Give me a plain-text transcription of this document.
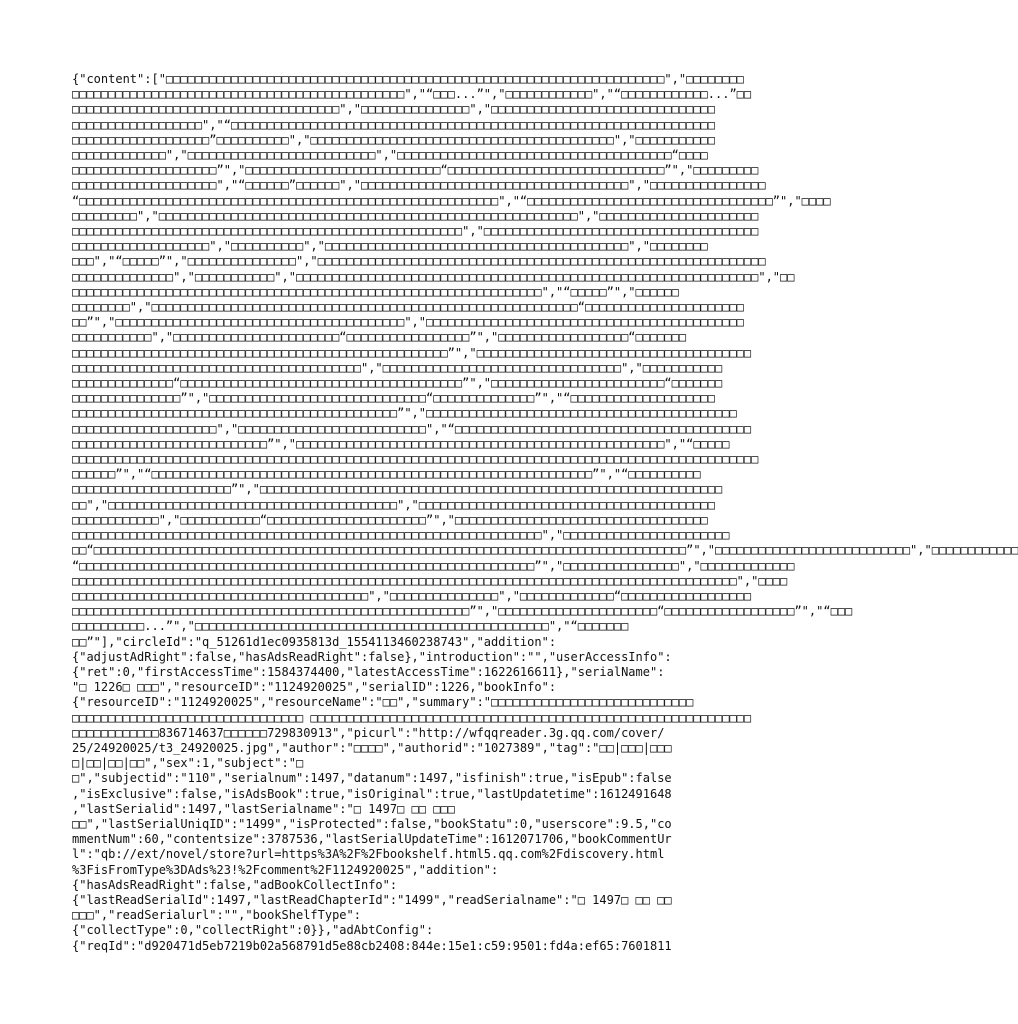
{"content":["□□□□□□□□□□□□□□□□□□□□□□□□□□□□□□□□□□□□□□□□□□□□□□□□□□□□□□□□□□□□□□□□□□□□□","□□□□□□□□
□□□□□□□□□□□□□□□□□□□□□□□□□□□□□□□□□□□□□□□□□□□□□□","“□□□...”","□□□□□□□□□□□□","“□□□□□□□□□□□□...”□□
□□□□□□□□□□□□□□□□□□□□□□□□□□□□□□□□□□□□□","□□□□□□□□□□□□□□□","□□□□□□□□□□□□□□□□□□□□□□□□□□□□□□□
□□□□□□□□□□□□□□□□□□","“□□□□□□□□□□□□□□□□□□□□□□□□□□□□□□□□□□□□□□□□□□□□□□□□□□□□□□□□□□□□□□□□□□□
□□□□□□□□□□□□□□□□□□□”□□□□□□□□□□","□□□□□□□□□□□□□□□□□□□□□□□□□□□□□□□□□□□□□□□□□□","□□□□□□□□□□□
□□□□□□□□□□□□□","□□□□□□□□□□□□□□□□□□□□□□□□□□","□□□□□□□□□□□□□□□□□□□□□□□□□□□□□□□□□□□□□□“□□□□
□□□□□□□□□□□□□□□□□□□□”","□□□□□□□□□□□□□□□□□□□□□□□□□□□“□□□□□□□□□□□□□□□□□□□□□□□□□□□□□□”","□□□□□□□□□
□□□□□□□□□□□□□□□□□□□□","“□□□□□□”□□□□□□","□□□□□□□□□□□□□□□□□□□□□□□□□□□□□□□□□□□□□","□□□□□□□□□□□□□□□□
“□□□□□□□□□□□□□□□□□□□□□□□□□□□□□□□□□□□□□□□□□□□□□□□□□□□□□□□□□□","“□□□□□□□□□□□□□□□□□□□□□□□□□□□□□□□□□□”","□□□□
□□□□□□□□□","□□□□□□□□□□□□□□□□□□□□□□□□□□□□□□□□□□□□□□□□□□□□□□□□□□□□□□□□□□","□□□□□□□□□□□□□□□□□□□□□□
□□□□□□□□□□□□□□□□□□□□□□□□□□□□□□□□□□□□□□□□□□□□□□□□□□□□□□","□□□□□□□□□□□□□□□□□□□□□□□□□□□□□□□□□□□□□□
□□□□□□□□□□□□□□□□□□□","□□□□□□□□□□","□□□□□□□□□□□□□□□□□□□□□□□□□□□□□□□□□□□□□□□□□□","□□□□□□□□
□□□","“□□□□□”","□□□□□□□□□□□□□□□","□□□□□□□□□□□□□□□□□□□□□□□□□□□□□□□□□□□□□□□□□□□□□□□□□□□□□□□□□□□□□□
□□□□□□□□□□□□□□","□□□□□□□□□□□","□□□□□□□□□□□□□□□□□□□□□□□□□□□□□□□□□□□□□□□□□□□□□□□□□□□□□□□□□□□□□□□□","□□
□□□□□□□□□□□□□□□□□□□□□□□□□□□□□□□□□□□□□□□□□□□□□□□□□□□□□□□□□□□□□□□□□","“□□□□□”","□□□□□□
□□□□□□□□","□□□□□□□□□□□□□□□□□□□□□□□□□□□□□□□□□□□□□□□□□□□□□□□□□□□□□□□□□□□“□□□□□□□□□□□□□□□□□□□□□□
□□”","□□□□□□□□□□□□□□□□□□□□□□□□□□□□□□□□□□□□□□□□","□□□□□□□□□□□□□□□□□□□□□□□□□□□□□□□□□□□□□□□□□□□□
□□□□□□□□□□□","□□□□□□□□□□□□□□□□□□□□□□□“□□□□□□□□□□□□□□□□□”","□□□□□□□□□□□□□□□□□□“□□□□□□□
□□□□□□□□□□□□□□□□□□□□□□□□□□□□□□□□□□□□□□□□□□□□□□□□□□□□”","□□□□□□□□□□□□□□□□□□□□□□□□□□□□□□□□□□□□□□
□□□□□□□□□□□□□□□□□□□□□□□□□□□□□□□□□□□□□□□□","□□□□□□□□□□□□□□□□□□□□□□□□□□□□□□□□□","□□□□□□□□□□□
□□□□□□□□□□□□□□“□□□□□□□□□□□□□□□□□□□□□□□□□□□□□□□□□□□□□□□”","□□□□□□□□□□□□□□□□□□□□□□□□“□□□□□□□
□□□□□□□□□□□□□□□”","□□□□□□□□□□□□□□□□□□□□□□□□□□□□□□“□□□□□□□□□□□□□□”","“□□□□□□□□□□□□□□□□□□□□
□□□□□□□□□□□□□□□□□□□□□□□□□□□□□□□□□□□□□□□□□□□□□”","□□□□□□□□□□□□□□□□□□□□□□□□□□□□□□□□□□□□□□□□□□□
□□□□□□□□□□□□□□□□□□□□","□□□□□□□□□□□□□□□□□□□□□□□□□□","“□□□□□□□□□□□□□□□□□□□□□□□□□□□□□□□□□□□□□□□□□
□□□□□□□□□□□□□□□□□□□□□□□□□□□”","□□□□□□□□□□□□□□□□□□□□□□□□□□□□□□□□□□□□□□□□□□□□□□□□□□□","“□□□□□
□□□□□□□□□□□□□□□□□□□□□□□□□□□□□□□□□□□□□□□□□□□□□□□□□□□□□□□□□□□□□□□□□□□□□□□□□□□□□□□□□□□□□□□□□□□□□□□
□□□□□□”","“□□□□□□□□□□□□□□□□□□□□□□□□□□□□□□□□□□□□□□□□□□□□□□□□□□□□□□□□□□□□□”","“□□□□□□□□□□
□□□□□□□□□□□□□□□□□□□□□□”","□□□□□□□□□□□□□□□□□□□□□□□□□□□□□□□□□□□□□□□□□□□□□□□□□□□□□□□□□□□□□□□□
□□","□□□□□□□□□□□□□□□□□□□□□□□□□□□□□□□□□□□□□□□□","□□□□□□□□□□□□□□□□□□□□□□□□□□□□□□□□□□□□□□□□□
□□□□□□□□□□□□","□□□□□□□□□□□“□□□□□□□□□□□□□□□□□□□□□□”","□□□□□□□□□□□□□□□□□□□□□□□□□□□□□□□□□□□
□□□□□□□□□□□□□□□□□□□□□□□□□□□□□□□□□□□□□□□□□□□□□□□□□□□□□□□□□□□□□□□□□","□□□□□□□□□□□□□□□□□□□□□□□
□□“□□□□□□□□□□□□□□□□□□□□□□□□□□□□□□□□□□□□□□□□□□□□□□□□□□□□□□□□□□□□□□□□□□□□□□□□□□□□□□□□□□”","□□□□□□□□□□□□□□□□□□□□□□□□□□□","□□□□□□□□□□□□
“□□□□□□□□□□□□□□□□□□□□□□□□□□□□□□□□□□□□□□□□□□□□□□□□□□□□□□□□□□□□□□□”","□□□□□□□□□□□□□□□□","□□□□□□□□□□□□□
□□□□□□□□□□□□□□□□□□□□□□□□□□□□□□□□□□□□□□□□□□□□□□□□□□□□□□□□□□□□□□□□□□□□□□□□□□□□□□□□□□□□□□□□□□□□","□□□□
□□□□□□□□□□□□□□□□□□□□□□□□□□□□□□□□□□□□□□□□□","□□□□□□□□□□□□□□□","□□□□□□□□□□□□□“□□□□□□□□□□□□□□□□□□
□□□□□□□□□□□□□□□□□□□□□□□□□□□□□□□□□□□□□□□□□□□□□□□□□□□□□□□”","□□□□□□□□□□□□□□□□□□□□□□“□□□□□□□□□□□□□□□□□□”","“□□□
□□□□□□□□□□...”","□□□□□□□□□□□□□□□□□□□□□□□□□□□□□□□□□□□□□□□□□□□□□□□□□","“□□□□□□□
□□”"],"circleId":"q_51261d1ec0935813d_1554113460238743","addition":
{"adjustAdRight":false,"hasAdsReadRight":false},"introduction":"","userAccessInfo":
{"ret":0,"firstAccessTime":1584374400,"latestAccessTime":1622616611},"serialName":
"□ 1226□ □□□","resourceID":"1124920025","serialID":1226,"bookInfo":
{"resourceID":"1124920025","resourceName":"□□","summary":"□□□□□□□□□□□□□□□□□□□□□□□□□□□□
□□□□□□□□□□□□□□□□□□□□□□□□□□□□□□□□ □□□□□□□□□□□□□□□□□□□□□□□□□□□□□□□□□□□□□□□□□□□□□□□□□□□□□□□□□□□□□
□□□□□□□□□□□□836714637□□□□□□729830913","picurl":"http://wfqqreader.3g.qq.com/cover/
25/24920025/t3_24920025.jpg","author":"□□□□","authorid":"1027389","tag":"□□|□□□|□□□
□|□□|□□|□□","sex":1,"subject":"□
□","subjectid":"110","serialnum":1497,"datanum":1497,"isfinish":true,"isEpub":false
,"isExclusive":false,"isAdsBook":true,"isOriginal":true,"lastUpdatetime":1612491648
,"lastSerialid":1497,"lastSerialname":"□ 1497□ □□ □□□
□□","lastSerialUniqID":"1499","isProtected":false,"bookStatu":0,"userscore":9.5,"co
mmentNum":60,"contentsize":3787536,"lastSerialUpdateTime":1612071706,"bookCommentUr
l":"qb://ext/novel/store?url=https%3A%2F%2Fbookshelf.html5.qq.com%2Fdiscovery.html
%3FisFromType%3DAds%23!%2Fcomment%2F1124920025","addition":
{"hasAdsReadRight":false,"adBookCollectInfo":
{"lastReadSerialId":1497,"lastReadChapterId":"1499","readSerialname":"□ 1497□ □□ □□
□□□","readSerialurl":"","bookShelfType":
{"collectType":0,"collectRight":0}},"adAbtConfig":
{"reqId":"d920471d5eb7219b02a568791d5e88cb2408:844e:15e1:c59:9501:fd4a:ef65:7601811
